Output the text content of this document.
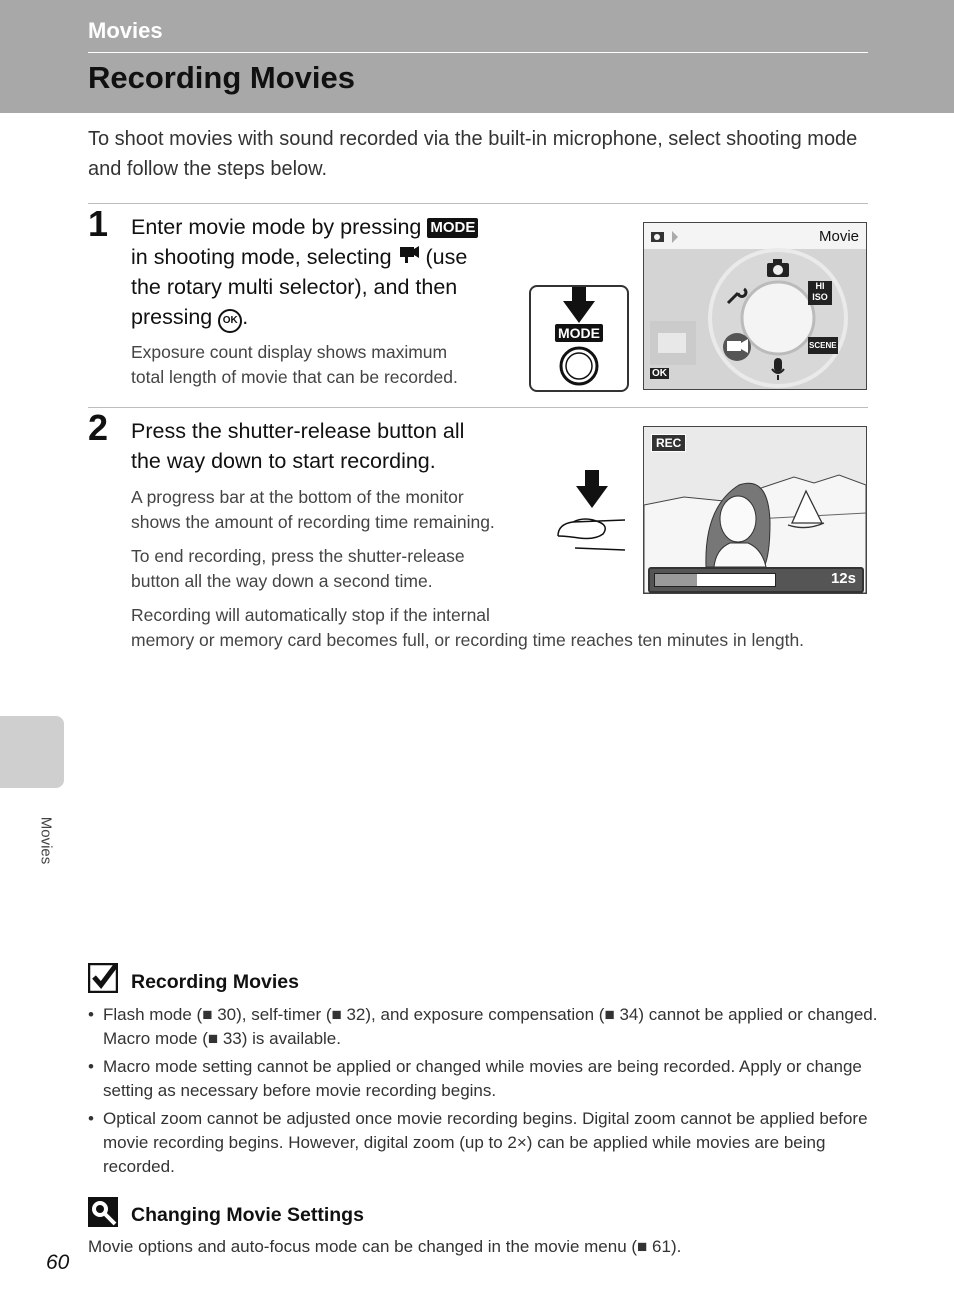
Movies
Recording Movies
To shoot movies with sound recorded via the built-in microphone, select shooting mode and follow the steps below.
1 Enter movie mode by pressing MODE
in shooting mode, selecting  (use
the rotary multi selector), and then
pressing OK .
Exposure count display shows maximum
total length of movie that can be recorded.
MODE
Movie
HI
ISO
SCENE
OK
2 Press the shutter-release button all
the way down to start recording.
A progress bar at the bottom of the monitor
shows the amount of recording time remaining.
To end recording, press the shutter-release
button all the way down a second time.
Recording will automatically stop if the internal
memory or memory card becomes full, or recording time reaches ten minutes in length.
REC
12s
Movies
Recording Movies
• Flash mode (■ 30), self-timer (■ 32), and exposure compensation (■ 34) cannot be applied or changed. Macro mode (■ 33) is available.
• Macro mode setting cannot be applied or changed while movies are being recorded. Apply or change setting as necessary before movie recording begins.
• Optical zoom cannot be adjusted once movie recording begins. Digital zoom cannot be applied before movie recording begins. However, digital zoom (up to 2×) can be applied while movies are being recorded.
Changing Movie Settings
Movie options and auto-focus mode can be changed in the movie menu (■ 61).
60
